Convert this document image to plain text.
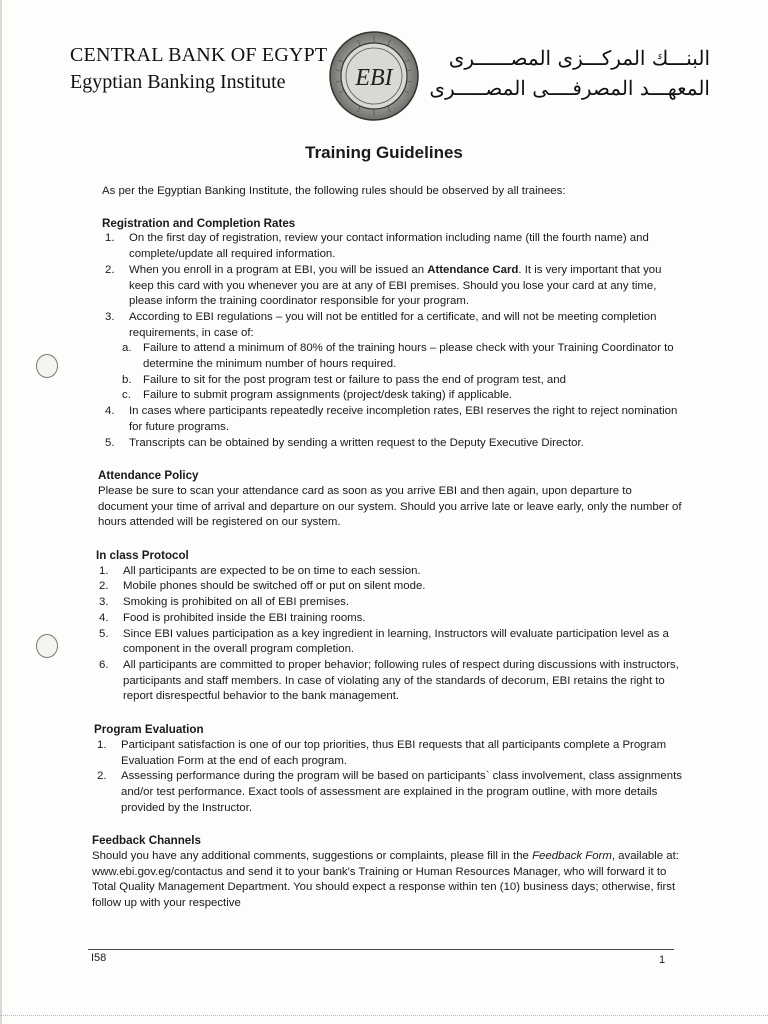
CENTRAL BANK OF EGYPT
Egyptian Banking Institute	EBI
البنـــك المركـــزى المصــــــرى
المعهـــد المصرفــــى المصـــــرى
Training Guidelines

As per the Egyptian Banking Institute, the following rules should be observed by all trainees:

Registration and Completion Rates
1. On the first day of registration, review your contact information including name (till the fourth name) and complete/update all required information.
2. When you enroll in a program at EBI, you will be issued an Attendance Card. It is very important that you keep this card with you whenever you are at any of EBI premises. Should you lose your card at any time, please inform the training coordinator responsible for your program.
3. According to EBI regulations – you will not be entitled for a certificate, and will not be meeting completion requirements, in case of:
a. Failure to attend a minimum of 80% of the training hours – please check with your Training Coordinator to determine the minimum number of hours required.
b. Failure to sit for the post program test or failure to pass the end of program test, and
c. Failure to submit program assignments (project/desk taking) if applicable.
4. In cases where participants repeatedly receive incompletion rates, EBI reserves the right to reject nomination for future programs.
5. Transcripts can be obtained by sending a written request to the Deputy Executive Director.
Attendance Policy

Please be sure to scan your attendance card as soon as you arrive EBI and then again, upon departure to document your time of arrival and departure on our system. Should you arrive late or leave early, only the number of hours attended will be registered on our system.

In class Protocol
1. All participants are expected to be on time to each session.
2. Mobile phones should be switched off or put on silent mode.
3. Smoking is prohibited on all of EBI premises.
4. Food is prohibited inside the EBI training rooms.
5. Since EBI values participation as a key ingredient in learning, Instructors will evaluate participation level as a component in the overall program completion.
6. All participants are committed to proper behavior; following rules of respect during discussions with instructors, participants and staff members. In case of violating any of the standards of decorum, EBI retains the right to report disrespectful behavior to the bank management.
Program Evaluation
1. Participant satisfaction is one of our top priorities, thus EBI requests that all participants complete a Program Evaluation Form at the end of each program.
2. Assessing performance during the program will be based on participants` class involvement, class assignments and/or test performance. Exact tools of assessment are explained in the program outline, with more details provided by the Instructor.
Feedback Channels

Should you have any additional comments, suggestions or complaints, please fill in the Feedback Form, available at: www.ebi.gov.eg/contactus and send it to your bank's Training or Human Resources Manager, who will forward it to Total Quality Management Department. You should expect a response within ten (10) business days; otherwise, first follow up with your respective

I58	1
